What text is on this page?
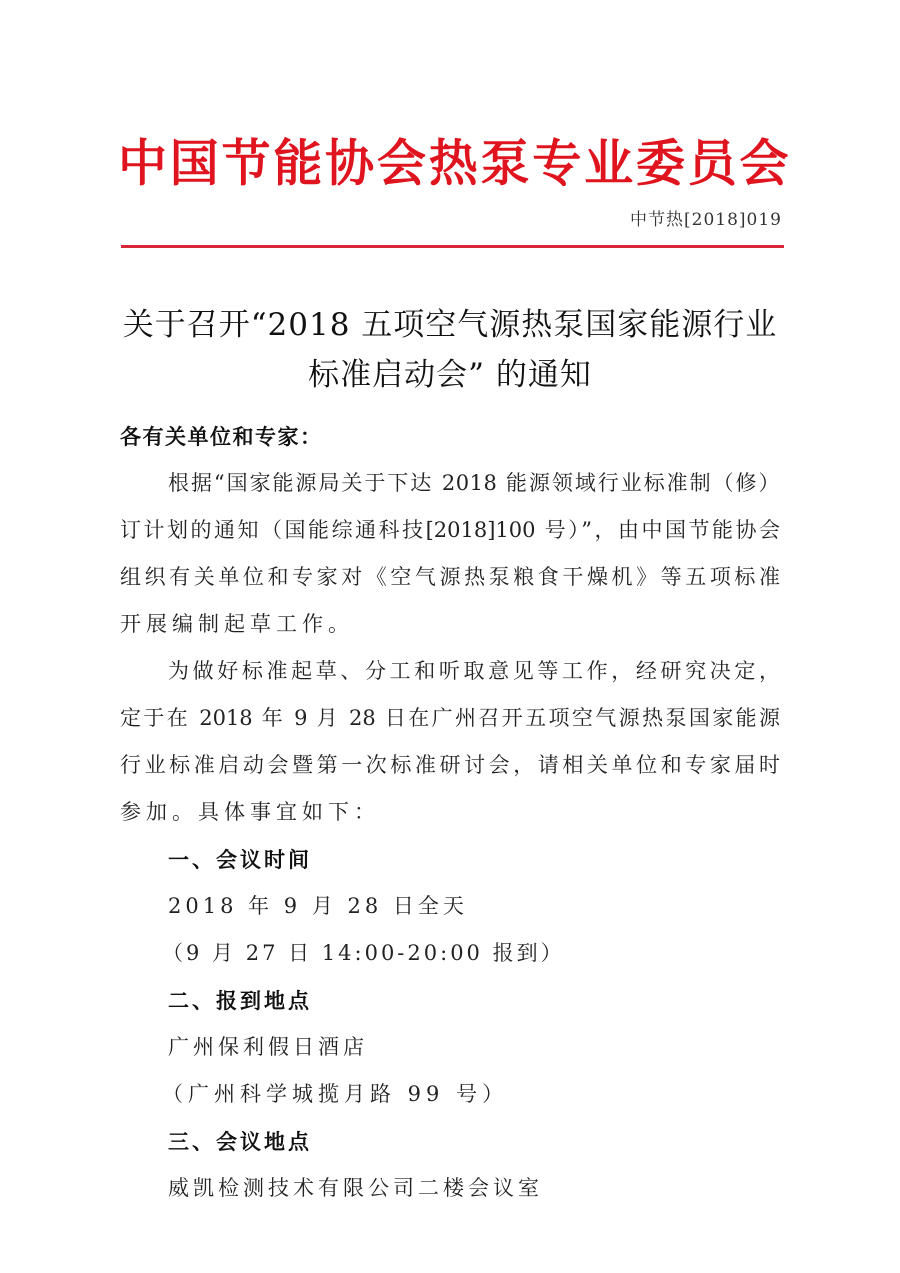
中国节能协会热泵专业委员会
中节热[2018]019
关于召开“2018 五项空气源热泵国家能源行业
标准启动会” 的通知
各有关单位和专家：
根据“国家能源局关于下达 2018 能源领域行业标准制（修）
订计划的通知（国能综通科技[2018]100 号）”，由中国节能协会
组织有关单位和专家对《空气源热泵粮食干燥机》等五项标准
开展编制起草工作。
为做好标准起草、分工和听取意见等工作，经研究决定，
定于在 2018 年 9 月 28 日在广州召开五项空气源热泵国家能源
行业标准启动会暨第一次标准研讨会，请相关单位和专家届时
参加。具体事宜如下：
一、会议时间
2018 年 9 月 28 日全天
（9 月 27 日 14:00-20:00 报到）
二、报到地点
广州保利假日酒店
（广州科学城揽月路 99 号）
三、会议地点
威凯检测技术有限公司二楼会议室
